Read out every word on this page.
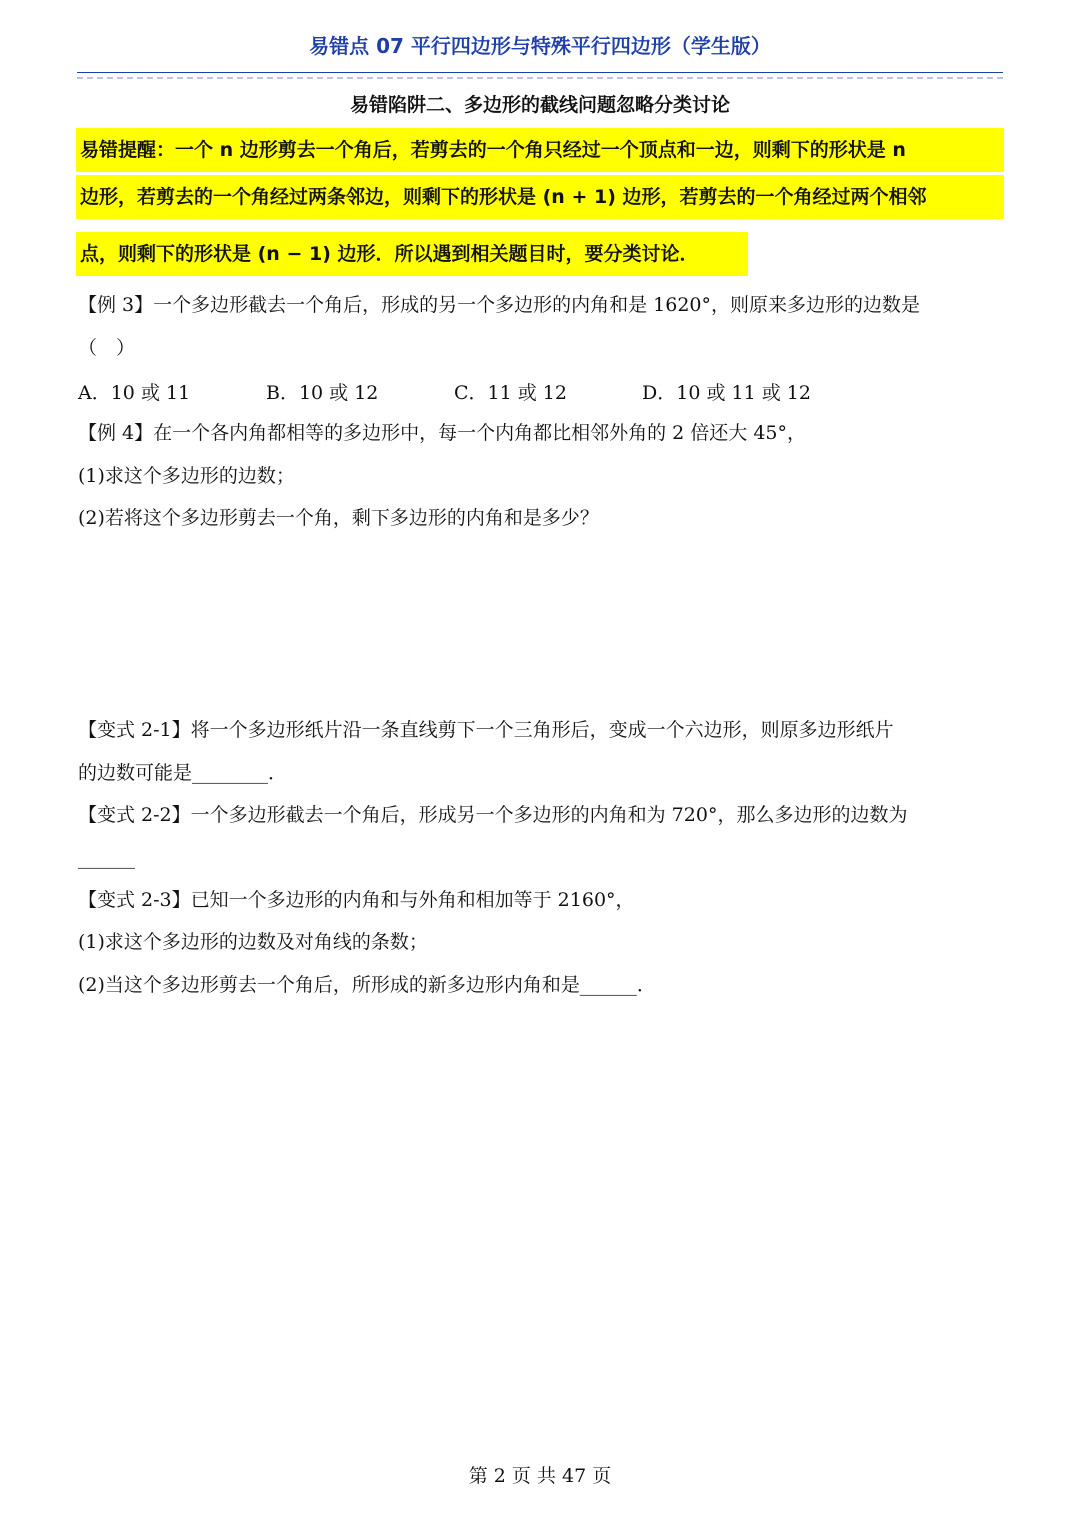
易错点 07 平行四边形与特殊平行四边形（学生版）
易错陷阱二、多边形的截线问题忽略分类讨论
易错提醒：一个 n 边形剪去一个角后，若剪去的一个角只经过一个顶点和一边，则剩下的形状是 n
边形，若剪去的一个角经过两条邻边，则剩下的形状是 (n + 1) 边形，若剪去的一个角经过两个相邻
点，则剩下的形状是 (n − 1) 边形．所以遇到相关题目时，要分类讨论．
【例 3】一个多边形截去一个角后，形成的另一个多边形的内角和是 1620°，则原来多边形的边数是
（　）
A．10 或 11	B．10 或 12	C．11 或 12	D．10 或 11 或 12
【例 4】在一个各内角都相等的多边形中，每一个内角都比相邻外角的 2 倍还大 45°，
(1)求这个多边形的边数；
(2)若将这个多边形剪去一个角，剩下多边形的内角和是多少？
【变式 2-1】将一个多边形纸片沿一条直线剪下一个三角形后，变成一个六边形，则原多边形纸片
的边数可能是________．
【变式 2-2】一个多边形截去一个角后，形成另一个多边形的内角和为 720°，那么多边形的边数为
______
【变式 2-3】已知一个多边形的内角和与外角和相加等于 2160°，
(1)求这个多边形的边数及对角线的条数；
(2)当这个多边形剪去一个角后，所形成的新多边形内角和是______．
第 2 页 共 47 页
